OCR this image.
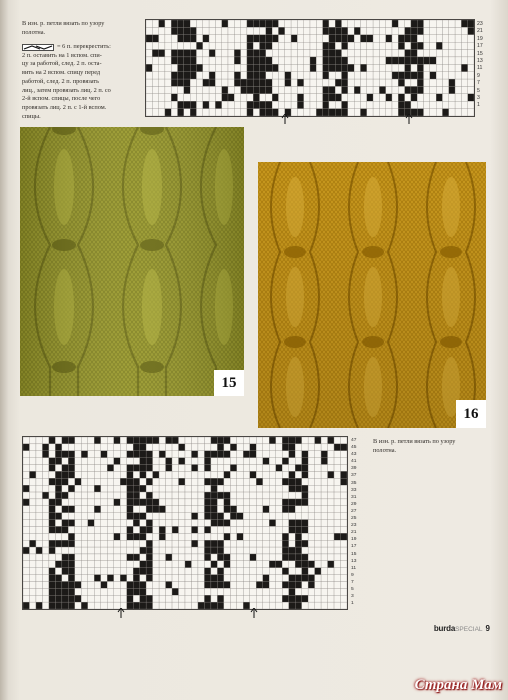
В изн. р. петли вязать по узору
полотна.
= 6 п. перекрестить:
2 п. оставить на 1 вспом. спи-
цу за работой, след. 2 п. оста-
вить на 2 вспом. спицу перед
работой, след. 2 п. провязать
лиц., затем провязать лиц. 2 п. со
2-й вспом. спицы, после чего
провязать лиц. 2 п. с 1-й вспом.
спицы.
23
21
19
17
15
13
11
9
7
5
3
1
15
16
47
45
43
41
39
37
35
33
31
29
27
25
23
21
19
17
15
13
11
9
7
5
3
1
В изн. р. петли вязать по узору
полотна.
burdaSPECIAL 9
Страна Мам
